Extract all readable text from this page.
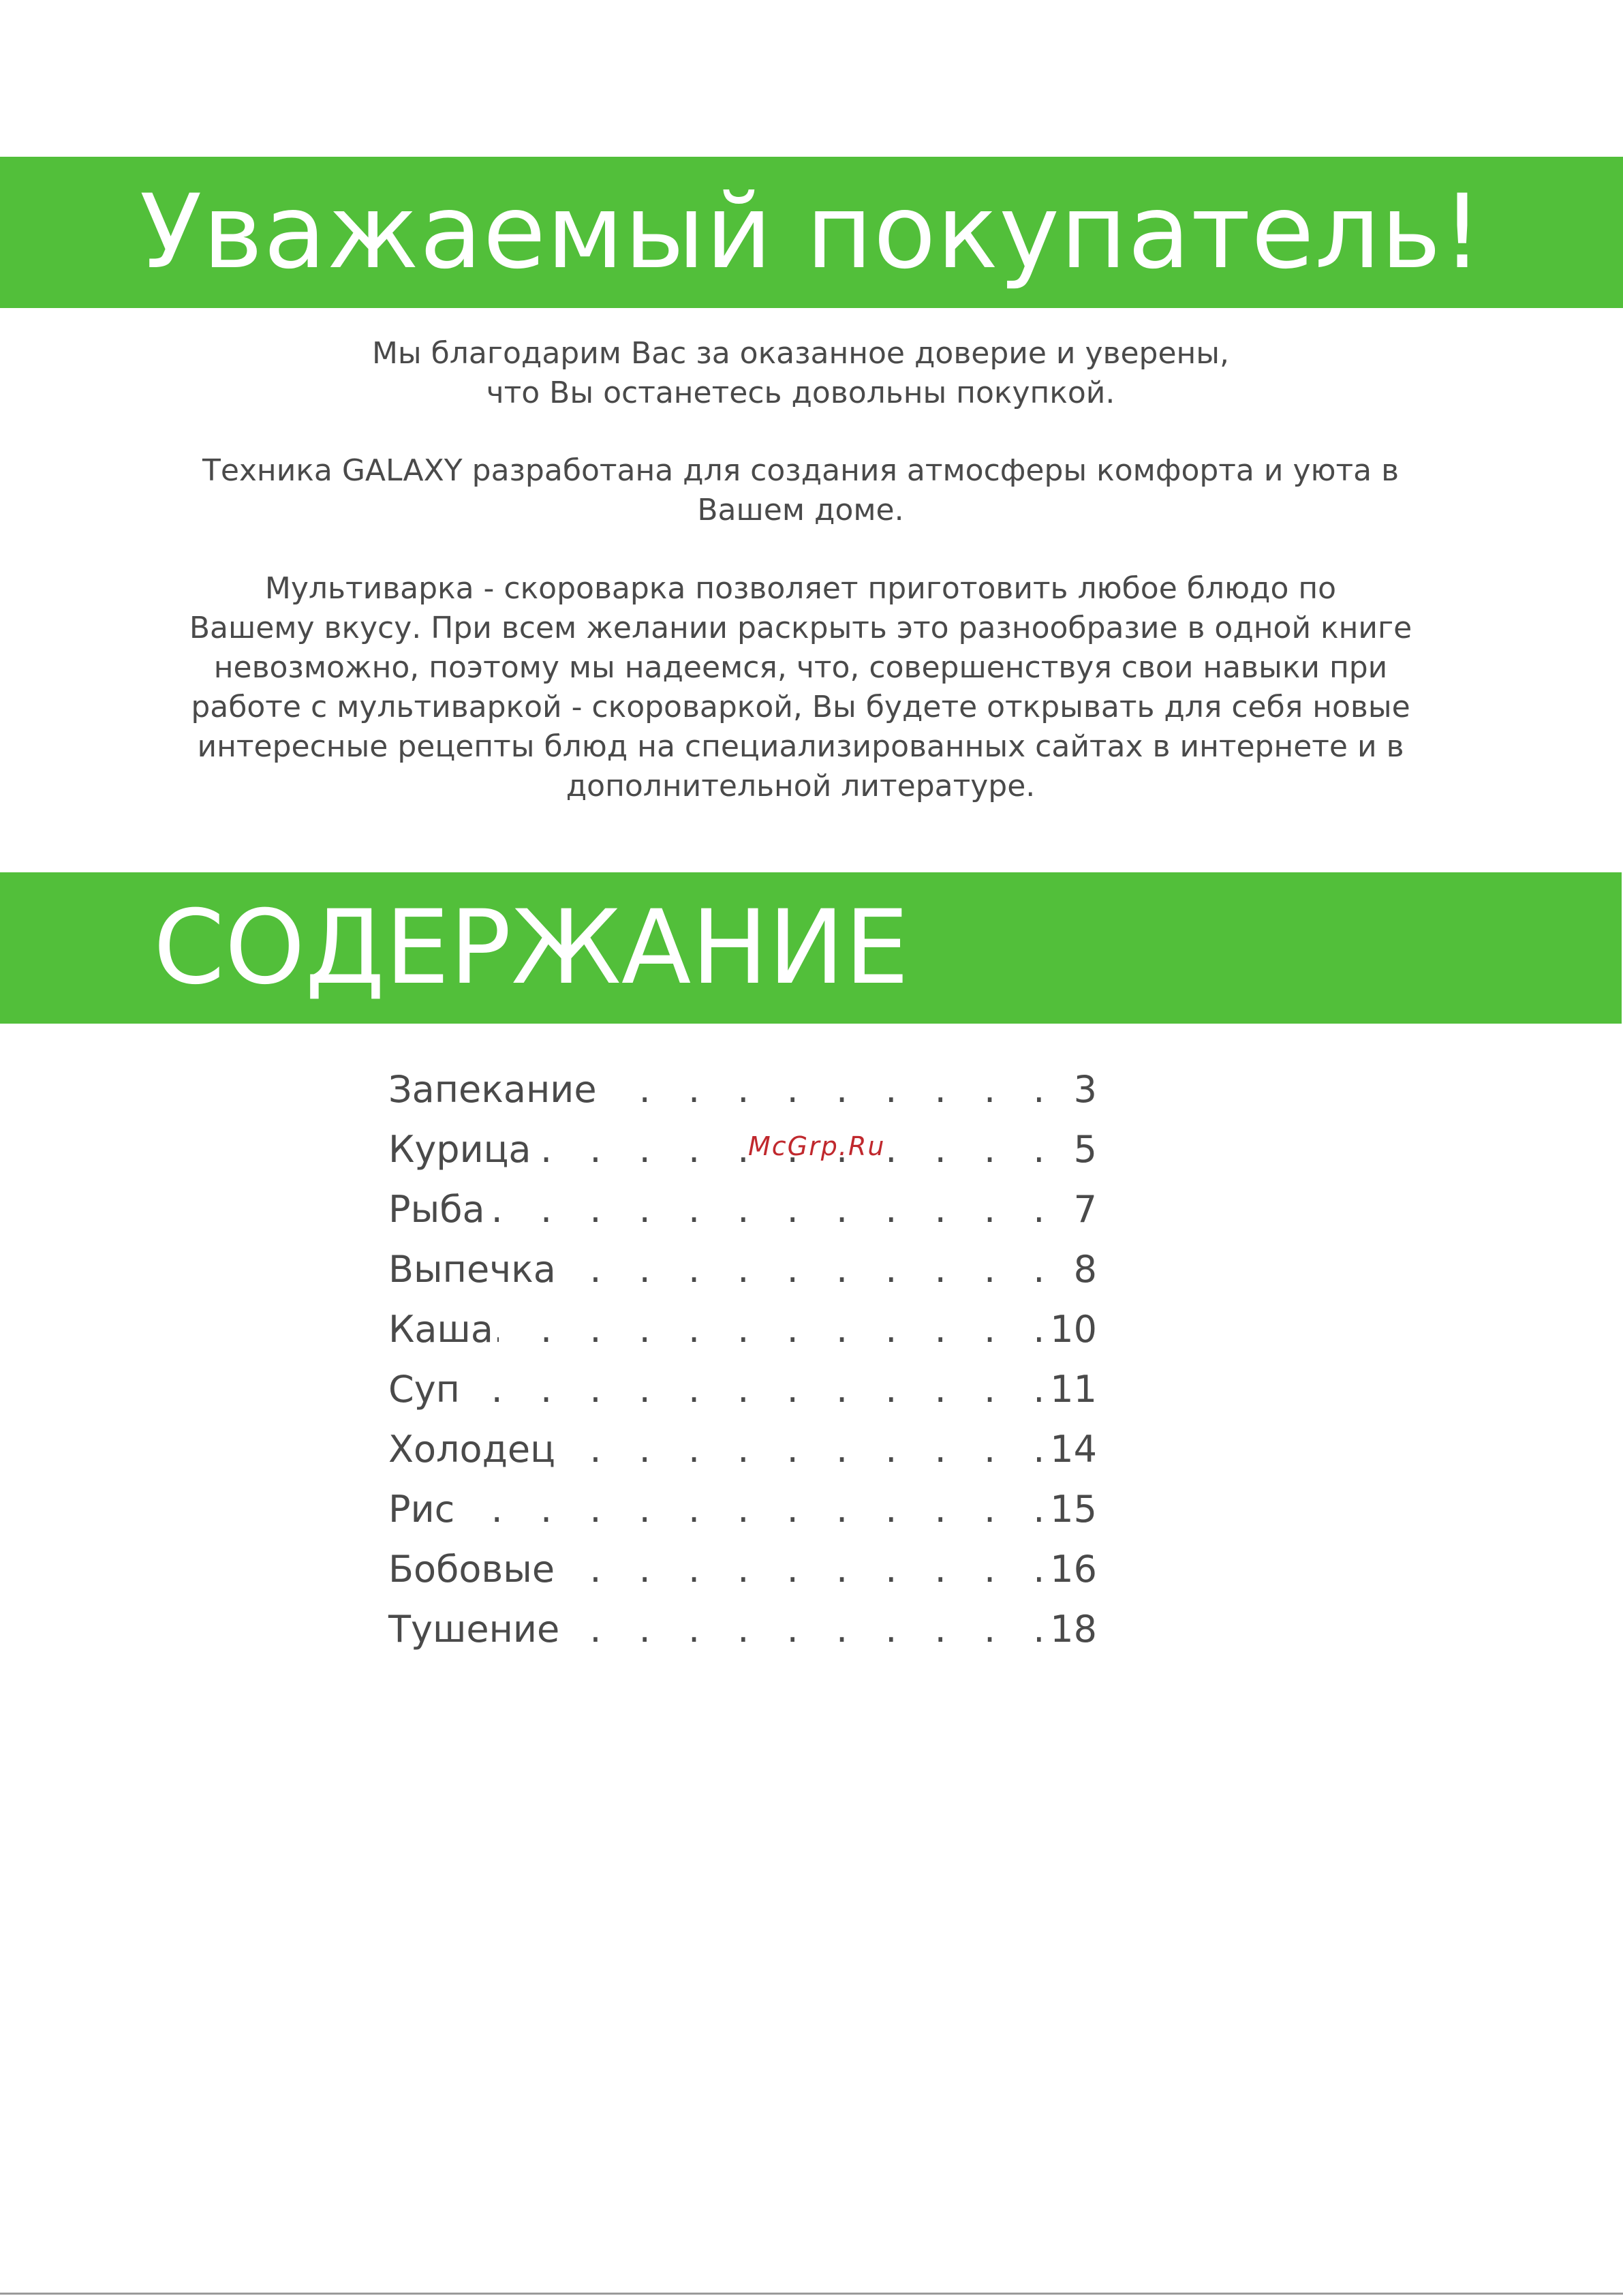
Уважаемый покупатель!

Мы благодарим Вас за оказанное доверие и уверены,
что Вы останетесь довольны покупкой.

Техника GALAXY разработана для создания атмосферы комфорта и уюта в
Вашем доме.

Мультиварка - скороварка позволяет приготовить любое блюдо по
Вашему вкусу. При всем желании раскрыть это разнообразие в одной книге
невозможно, поэтому мы надеемся, что, совершенствуя свои навыки при
работе с мультиваркой - скороваркой, Вы будете открывать для себя новые
интересные рецепты блюд на специализированных сайтах в интернете и в
дополнительной литературе.

СОДЕРЖАНИЕ
. . .
Запекание	3
. . .
Курица	5
. . .
Рыба	7
. . .
Выпечка	8
. . .
Каша	10
. . .
Суп	11
. . .
Холодец	14
. . .
Рис	15
. . .
Бобовые	16
. . .
Тушение	18
McGrp.Ru
